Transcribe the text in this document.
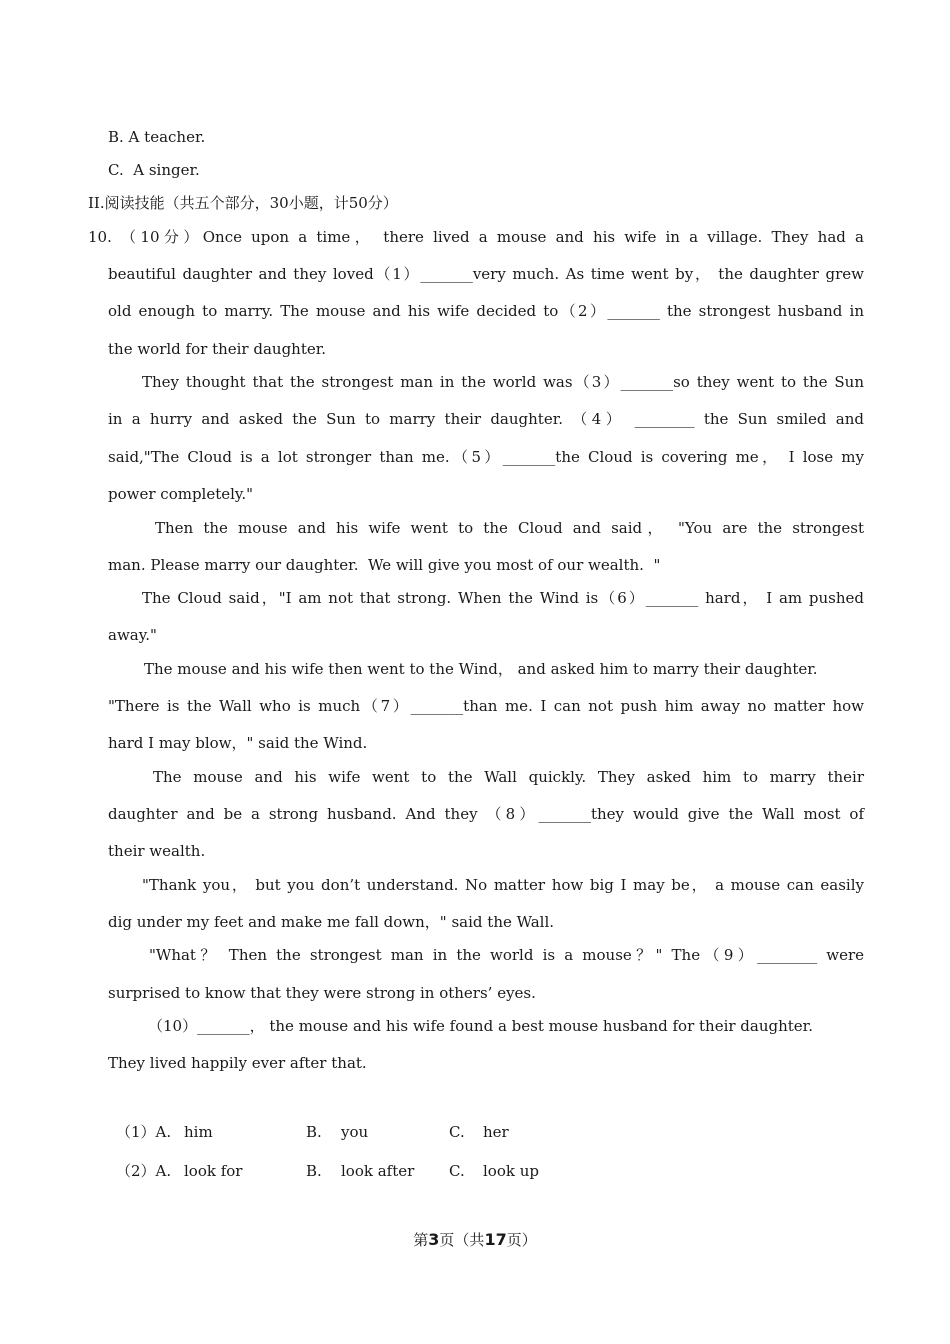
B. A teacher.
C.  A singer.
II.阅读技能（共五个部分，30小题，计50分）
10. （10分）Once upon a time， there lived a mouse and his wife in a village. They had a
beautiful daughter and they loved（1）_______very much. As time went by， the daughter grew
old enough to marry. The mouse and his wife decided to（2）_______ the strongest husband in
the world for their daughter.
They thought that the strongest man in the world was（3）_______so they went to the Sun
in a hurry and asked the Sun to marry their daughter. （4） ________ the Sun smiled and
said,"The Cloud is a lot stronger than me.（5）_______the Cloud is covering me， I lose my
power completely."
Then the mouse and his wife went to the Cloud and said， "You are the strongest
man. Please marry our daughter.  We will give you most of our wealth.  "
The Cloud said，"I am not that strong. When the Wind is（6）_______ hard， I am pushed
away."
The mouse and his wife then went to the Wind， and asked him to marry their daughter.
"There is the Wall who is much（7）_______than me. I can not push him away no matter how
hard I may blow，" said the Wind.
The mouse and his wife went to the Wall quickly. They asked him to marry their
daughter and be a strong husband. And they （8）_______they would give the Wall most of
their wealth.
"Thank you， but you don’t understand. No matter how big I may be， a mouse can easily
dig under my feet and make me fall down，" said the Wall.
"What？ Then the strongest man in the world is a mouse？" The（9）________ were
surprised to know that they were strong in others’ eyes.
（10）_______， the mouse and his wife found a best mouse husband for their daughter.
They lived happily ever after that.
（1）A. him	B. you	C. her
（2）A. look for	B. look after C. look up
第3页（共17页）
